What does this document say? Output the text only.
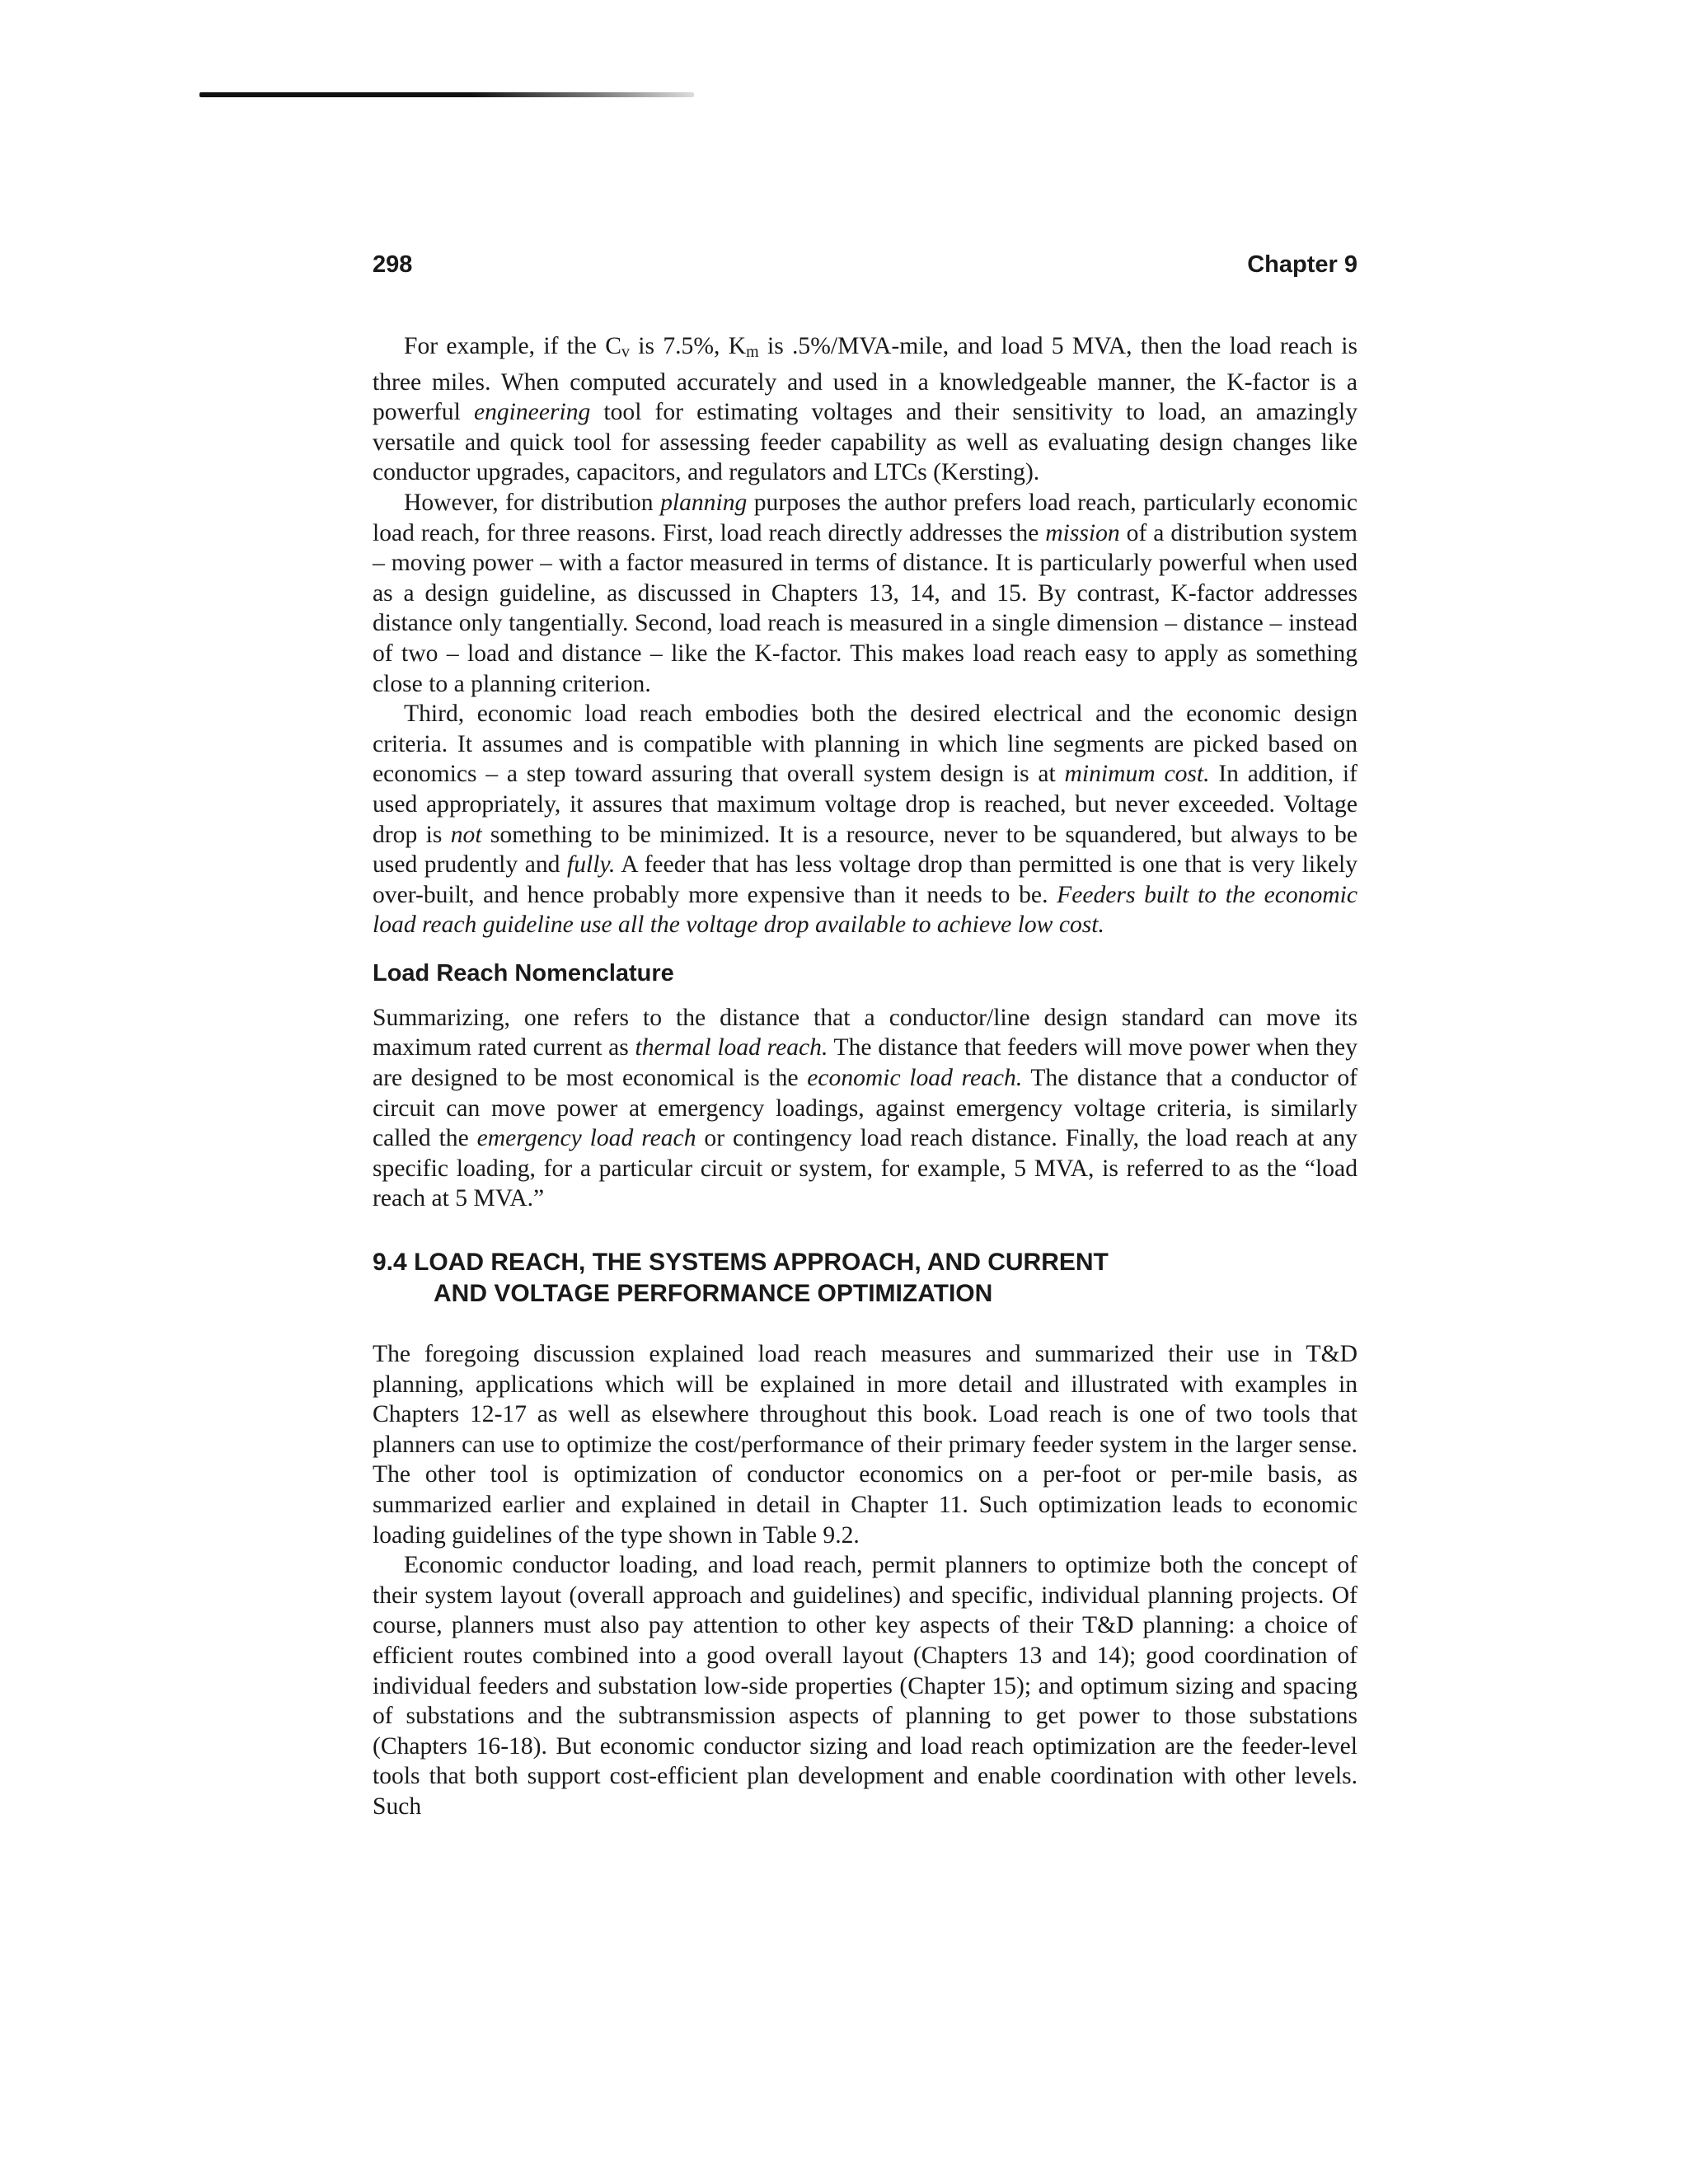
298	Chapter 9

For example, if the $C_v$ is 7.5%, $K_m$ is .5%/MVA-mile, and load 5 MVA, then the load reach is three miles. When computed accurately and used in a knowledgeable manner, the K-factor is a powerful engineering tool for estimating voltages and their sensitivity to load, an amazingly versatile and quick tool for assessing feeder capability as well as evaluating design changes like conductor upgrades, capacitors, and regulators and LTCs (Kersting).

However, for distribution planning purposes the author prefers load reach, particularly economic load reach, for three reasons. First, load reach directly addresses the mission of a distribution system – moving power – with a factor measured in terms of distance. It is particularly powerful when used as a design guideline, as discussed in Chapters 13, 14, and 15. By contrast, K-factor addresses distance only tangentially. Second, load reach is measured in a single dimension – distance – instead of two – load and distance – like the K-factor. This makes load reach easy to apply as something close to a planning criterion.

Third, economic load reach embodies both the desired electrical and the economic design criteria. It assumes and is compatible with planning in which line segments are picked based on economics – a step toward assuring that overall system design is at minimum cost. In addition, if used appropriately, it assures that maximum voltage drop is reached, but never exceeded. Voltage drop is not something to be minimized. It is a resource, never to be squandered, but always to be used prudently and fully. A feeder that has less voltage drop than permitted is one that is very likely over-built, and hence probably more expensive than it needs to be. Feeders built to the economic load reach guideline use all the voltage drop available to achieve low cost.

Load Reach Nomenclature

Summarizing, one refers to the distance that a conductor/line design standard can move its maximum rated current as thermal load reach. The distance that feeders will move power when they are designed to be most economical is the economic load reach. The distance that a conductor of circuit can move power at emergency loadings, against emergency voltage criteria, is similarly called the emergency load reach or contingency load reach distance. Finally, the load reach at any specific loading, for a particular circuit or system, for example, 5 MVA, is referred to as the “load reach at 5 MVA.”

9.4 LOAD REACH, THE SYSTEMS APPROACH, AND CURRENT
AND VOLTAGE PERFORMANCE OPTIMIZATION

The foregoing discussion explained load reach measures and summarized their use in T&D planning, applications which will be explained in more detail and illustrated with examples in Chapters 12-17 as well as elsewhere throughout this book. Load reach is one of two tools that planners can use to optimize the cost/performance of their primary feeder system in the larger sense. The other tool is optimization of conductor economics on a per-foot or per-mile basis, as summarized earlier and explained in detail in Chapter 11. Such optimization leads to economic loading guidelines of the type shown in Table 9.2.

Economic conductor loading, and load reach, permit planners to optimize both the concept of their system layout (overall approach and guidelines) and specific, individual planning projects. Of course, planners must also pay attention to other key aspects of their T&D planning: a choice of efficient routes combined into a good overall layout (Chapters 13 and 14); good coordination of individual feeders and substation low-side properties (Chapter 15); and optimum sizing and spacing of substations and the subtransmission aspects of planning to get power to those substations (Chapters 16-18). But economic conductor sizing and load reach optimization are the feeder-level tools that both support cost-efficient plan development and enable coordination with other levels. Such
